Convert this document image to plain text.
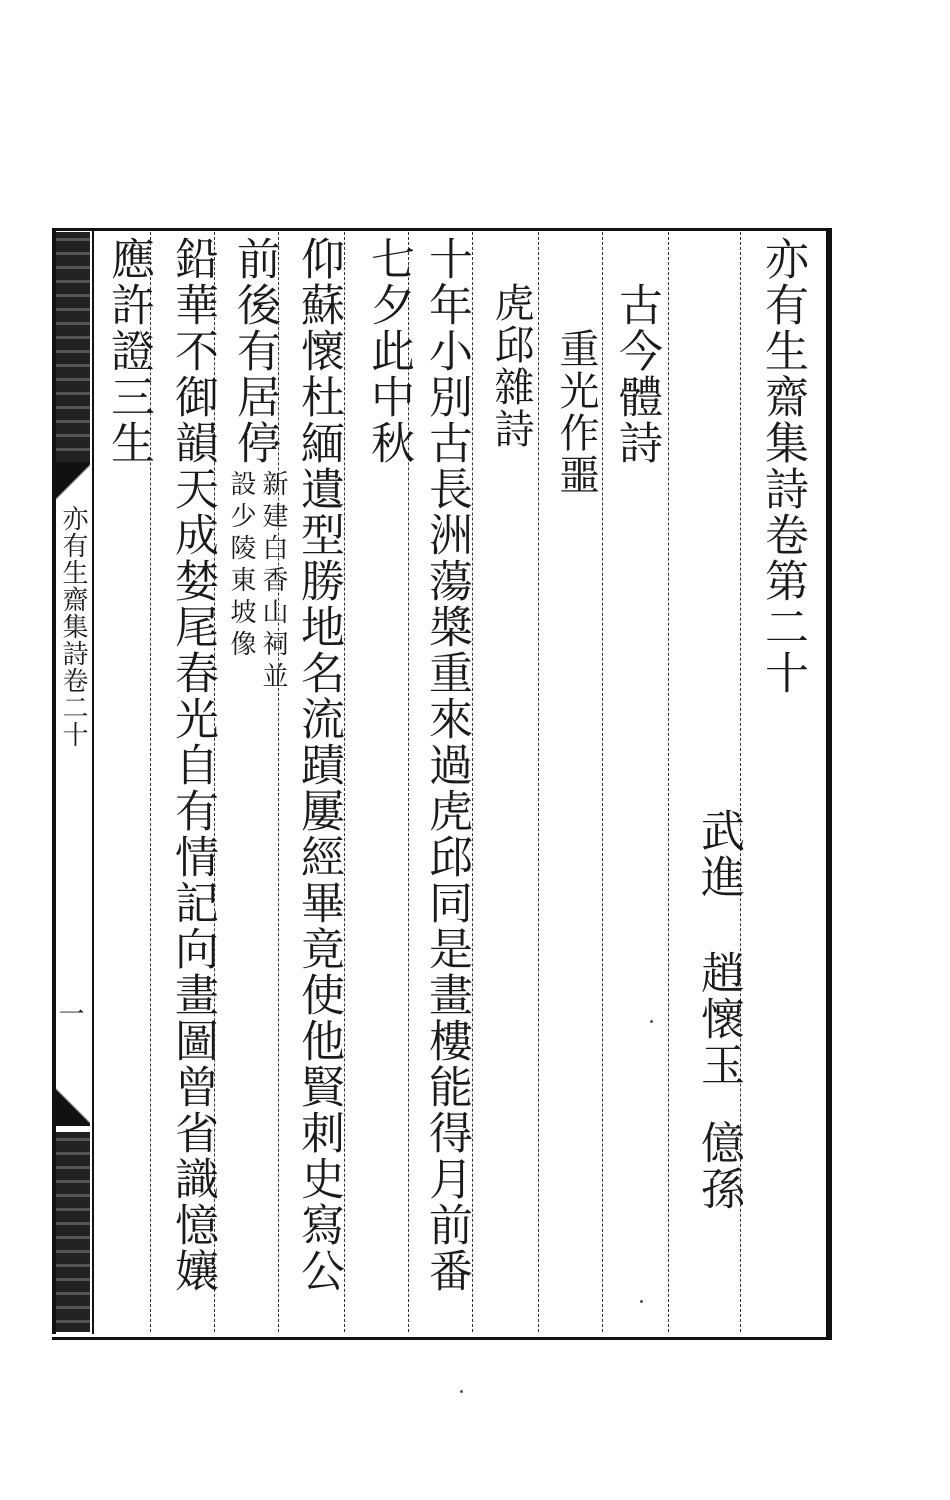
亦有生齋集詩卷二十
一
亦有生齋集詩卷第二十
古今體詩
重光作噩
虎邱雜詩
武進
趙懷玉
億孫
十年小別古長洲蕩槳重來過虎邱同是畫樓能得月前番
七夕此中秋
仰蘇懷杜緬遺型勝地名流蹟屢經畢竟使他賢刺史寫公
前後有居停
新建白香山祠並
設少陵東坡像
鉛華不御韻天成婪尾春光自有情記向畫圖曾省識憶孃
應許證三生
